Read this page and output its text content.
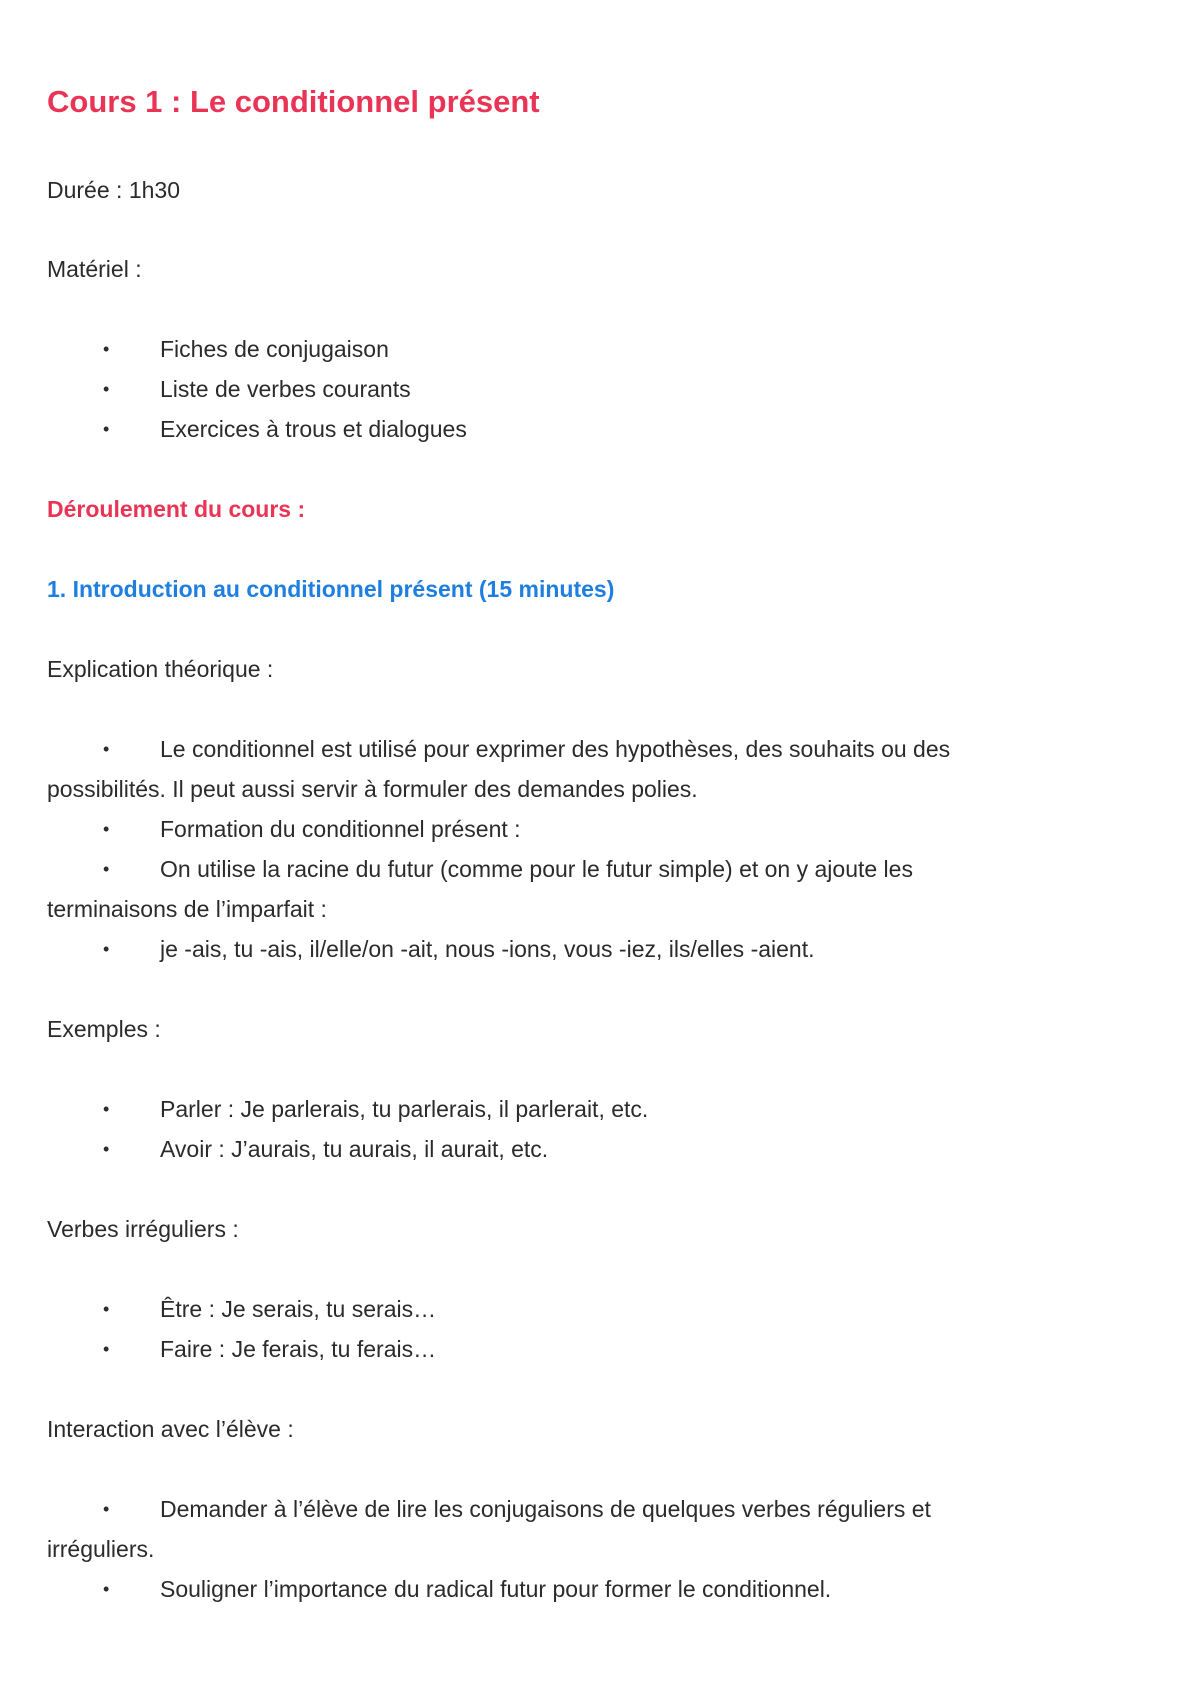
Cours 1 : Le conditionnel présent
Durée : 1h30
Matériel :
• Fiches de conjugaison
• Liste de verbes courants
• Exercices à trous et dialogues
Déroulement du cours :
1. Introduction au conditionnel présent (15 minutes)
Explication théorique :
• Le conditionnel est utilisé pour exprimer des hypothèses, des souhaits ou des
possibilités. Il peut aussi servir à formuler des demandes polies.
• Formation du conditionnel présent :
• On utilise la racine du futur (comme pour le futur simple) et on y ajoute les
terminaisons de l’imparfait :
• je -ais, tu -ais, il/elle/on -ait, nous -ions, vous -iez, ils/elles -aient.
Exemples :
• Parler : Je parlerais, tu parlerais, il parlerait, etc.
• Avoir : J’aurais, tu aurais, il aurait, etc.
Verbes irréguliers :
• Être : Je serais, tu serais…
• Faire : Je ferais, tu ferais…
Interaction avec l’élève :
• Demander à l’élève de lire les conjugaisons de quelques verbes réguliers et
irréguliers.
• Souligner l’importance du radical futur pour former le conditionnel.
